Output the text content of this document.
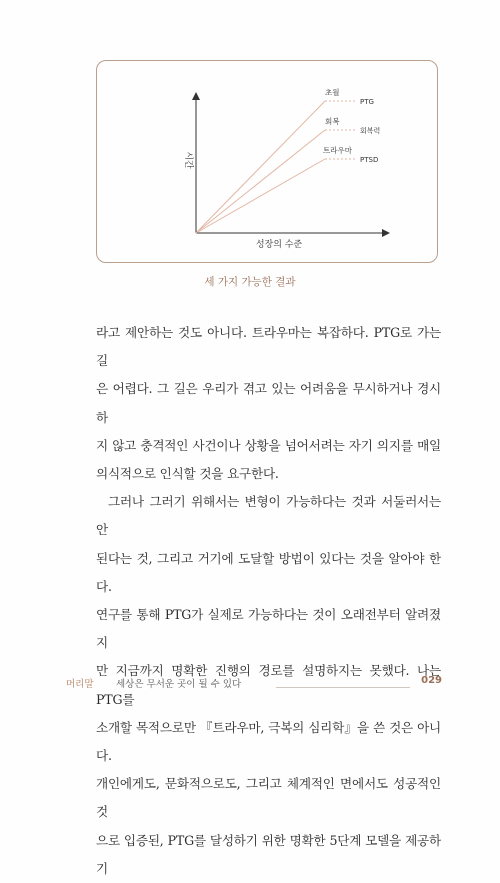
초월
회복
트라우마
PTG
회복력
PTSD
시간
성장의 수준
세 가지 가능한 결과

라고 제안하는 것도 아니다. 트라우마는 복잡하다. PTG로 가는 길

은 어렵다. 그 길은 우리가 겪고 있는 어려움을 무시하거나 경시하

지 않고 충격적인 사건이나 상황을 넘어서려는 자기 의지를 매일

의식적으로 인식할 것을 요구한다.

그러나 그러기 위해서는 변형이 가능하다는 것과 서둘러서는 안

된다는 것, 그리고 거기에 도달할 방법이 있다는 것을 알아야 한다.

연구를 통해 PTG가 실제로 가능하다는 것이 오래전부터 알려졌지

만 지금까지 명확한 진행의 경로를 설명하지는 못했다. 나는 PTG를

소개할 목적으로만 『트라우마, 극복의 심리학』을 쓴 것은 아니다.

개인에게도, 문화적으로도, 그리고 체계적인 면에서도 성공적인 것

으로 입증된, PTG를 달성하기 위한 명확한 5단계 모델을 제공하기

머리말 세상은 무서운 곳이 될 수 있다	029
